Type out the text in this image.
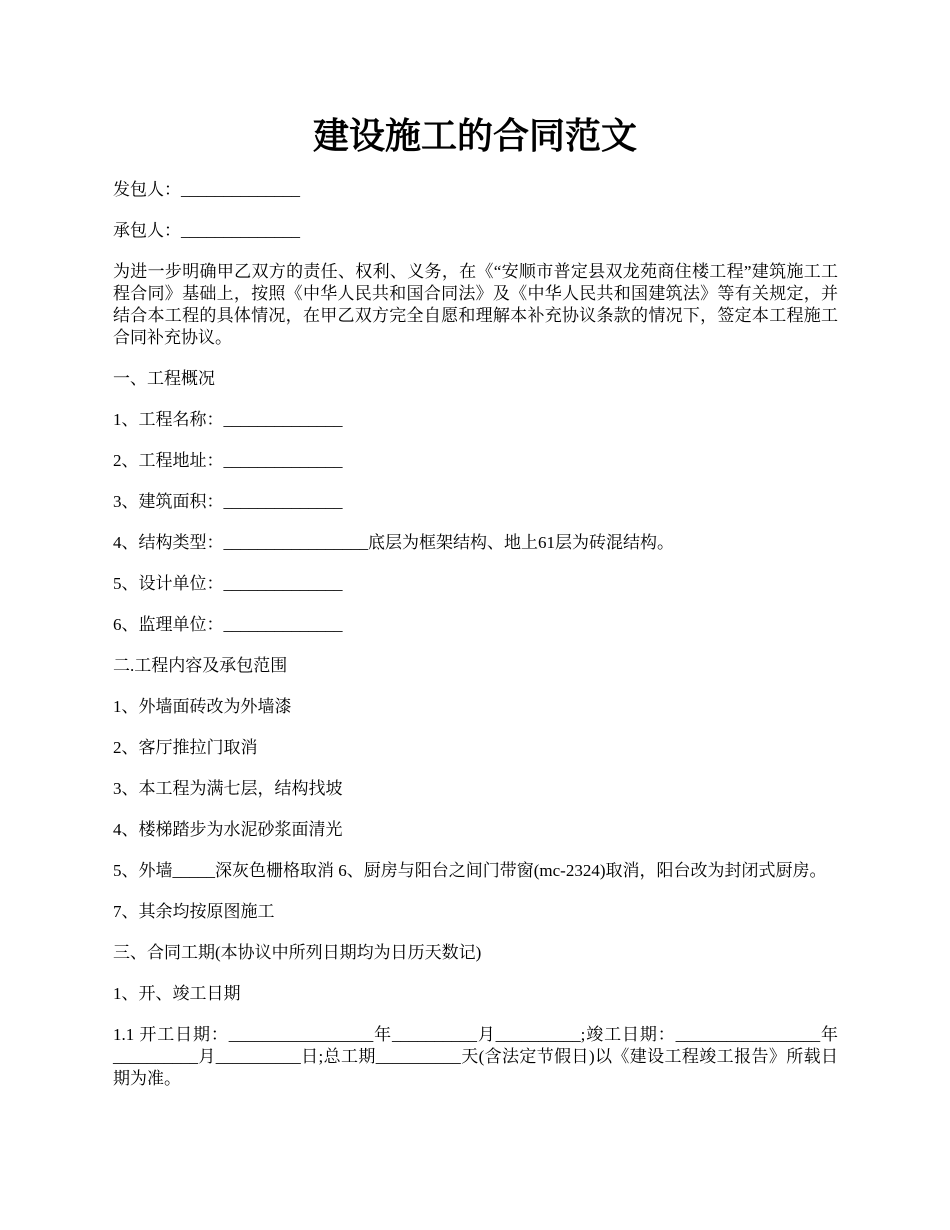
建设施工的合同范文

发包人：______________

承包人：______________

为进一步明确甲乙双方的责任、权利、义务，在《“安顺市普定县双龙苑商住楼工程”建筑施工工程合同》基础上，按照《中华人民共和国合同法》及《中华人民共和国建筑法》等有关规定，并结合本工程的具体情况，在甲乙双方完全自愿和理解本补充协议条款的情况下，签定本工程施工合同补充协议。

一、工程概况

1、工程名称：______________

2、工程地址：______________

3、建筑面积：______________

4、结构类型：_________________底层为框架结构、地上61层为砖混结构。

5、设计单位：______________

6、监理单位：______________

二.工程内容及承包范围

1、外墙面砖改为外墙漆

2、客厅推拉门取消

3、本工程为满七层，结构找坡

4、楼梯踏步为水泥砂浆面清光

5、外墙_____深灰色栅格取消 6、厨房与阳台之间门带窗(mc-2324)取消，阳台改为封闭式厨房。

7、其余均按原图施工

三、合同工期(本协议中所列日期均为日历天数记)

1、开、竣工日期

1.1 开工日期：_________________年__________月__________;竣工日期：_________________年__________月__________日;总工期__________天(含法定节假日)以《建设工程竣工报告》所载日期为准。
